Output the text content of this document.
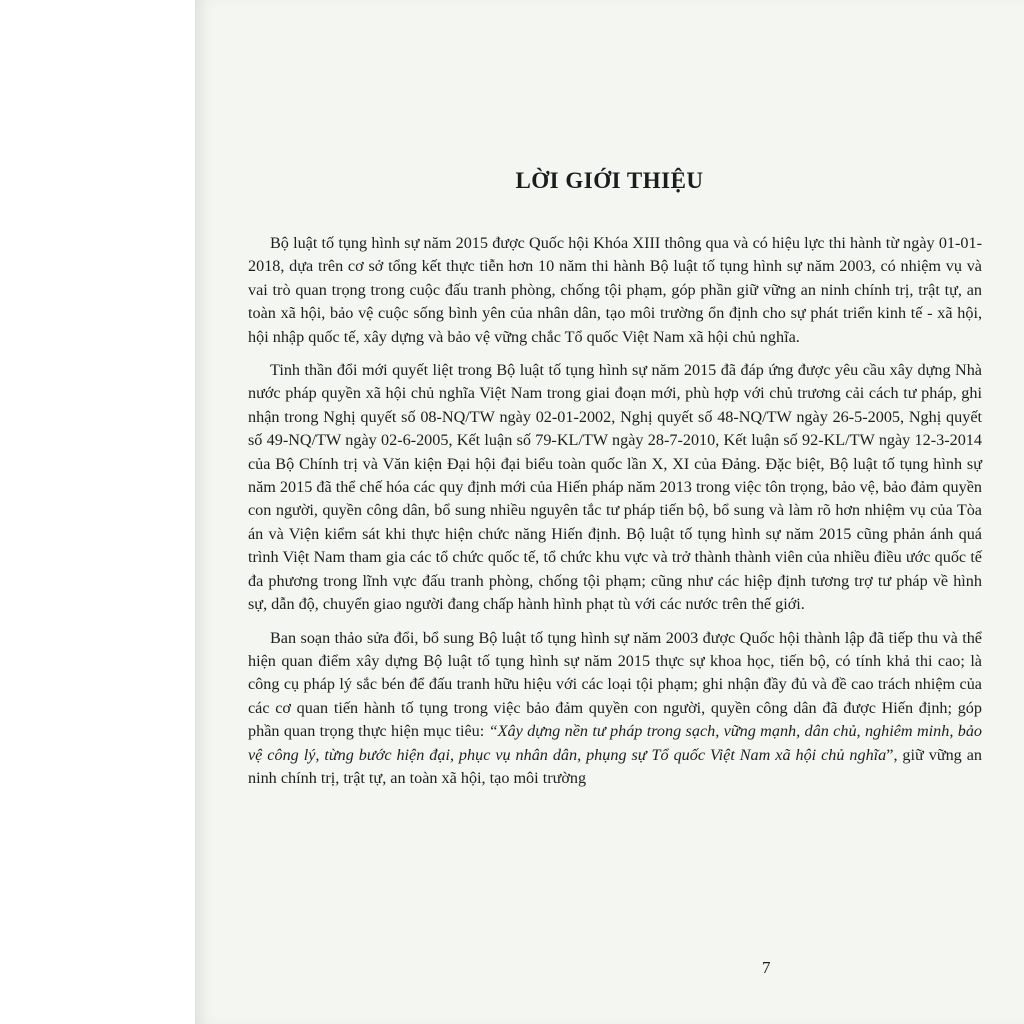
LỜI GIỚI THIỆU

Bộ luật tố tụng hình sự năm 2015 được Quốc hội Khóa XIII thông qua và có hiệu lực thi hành từ ngày 01-01-2018, dựa trên cơ sở tổng kết thực tiễn hơn 10 năm thi hành Bộ luật tố tụng hình sự năm 2003, có nhiệm vụ và vai trò quan trọng trong cuộc đấu tranh phòng, chống tội phạm, góp phần giữ vững an ninh chính trị, trật tự, an toàn xã hội, bảo vệ cuộc sống bình yên của nhân dân, tạo môi trường ổn định cho sự phát triển kinh tế - xã hội, hội nhập quốc tế, xây dựng và bảo vệ vững chắc Tổ quốc Việt Nam xã hội chủ nghĩa.

Tinh thần đổi mới quyết liệt trong Bộ luật tố tụng hình sự năm 2015 đã đáp ứng được yêu cầu xây dựng Nhà nước pháp quyền xã hội chủ nghĩa Việt Nam trong giai đoạn mới, phù hợp với chủ trương cải cách tư pháp, ghi nhận trong Nghị quyết số 08-NQ/TW ngày 02-01-2002, Nghị quyết số 48-NQ/TW ngày 26-5-2005, Nghị quyết số 49-NQ/TW ngày 02-6-2005, Kết luận số 79-KL/TW ngày 28-7-2010, Kết luận số 92-KL/TW ngày 12-3-2014 của Bộ Chính trị và Văn kiện Đại hội đại biểu toàn quốc lần X, XI của Đảng. Đặc biệt, Bộ luật tố tụng hình sự năm 2015 đã thể chế hóa các quy định mới của Hiến pháp năm 2013 trong việc tôn trọng, bảo vệ, bảo đảm quyền con người, quyền công dân, bổ sung nhiều nguyên tắc tư pháp tiến bộ, bổ sung và làm rõ hơn nhiệm vụ của Tòa án và Viện kiểm sát khi thực hiện chức năng Hiến định. Bộ luật tố tụng hình sự năm 2015 cũng phản ánh quá trình Việt Nam tham gia các tổ chức quốc tế, tổ chức khu vực và trở thành thành viên của nhiều điều ước quốc tế đa phương trong lĩnh vực đấu tranh phòng, chống tội phạm; cũng như các hiệp định tương trợ tư pháp về hình sự, dẫn độ, chuyển giao người đang chấp hành hình phạt tù với các nước trên thế giới.

Ban soạn thảo sửa đổi, bổ sung Bộ luật tố tụng hình sự năm 2003 được Quốc hội thành lập đã tiếp thu và thể hiện quan điểm xây dựng Bộ luật tố tụng hình sự năm 2015 thực sự khoa học, tiến bộ, có tính khả thi cao; là công cụ pháp lý sắc bén để đấu tranh hữu hiệu với các loại tội phạm; ghi nhận đầy đủ và đề cao trách nhiệm của các cơ quan tiến hành tố tụng trong việc bảo đảm quyền con người, quyền công dân đã được Hiến định; góp phần quan trọng thực hiện mục tiêu: “Xây dựng nền tư pháp trong sạch, vững mạnh, dân chủ, nghiêm minh, bảo vệ công lý, từng bước hiện đại, phục vụ nhân dân, phụng sự Tổ quốc Việt Nam xã hội chủ nghĩa”, giữ vững an ninh chính trị, trật tự, an toàn xã hội, tạo môi trường

7
